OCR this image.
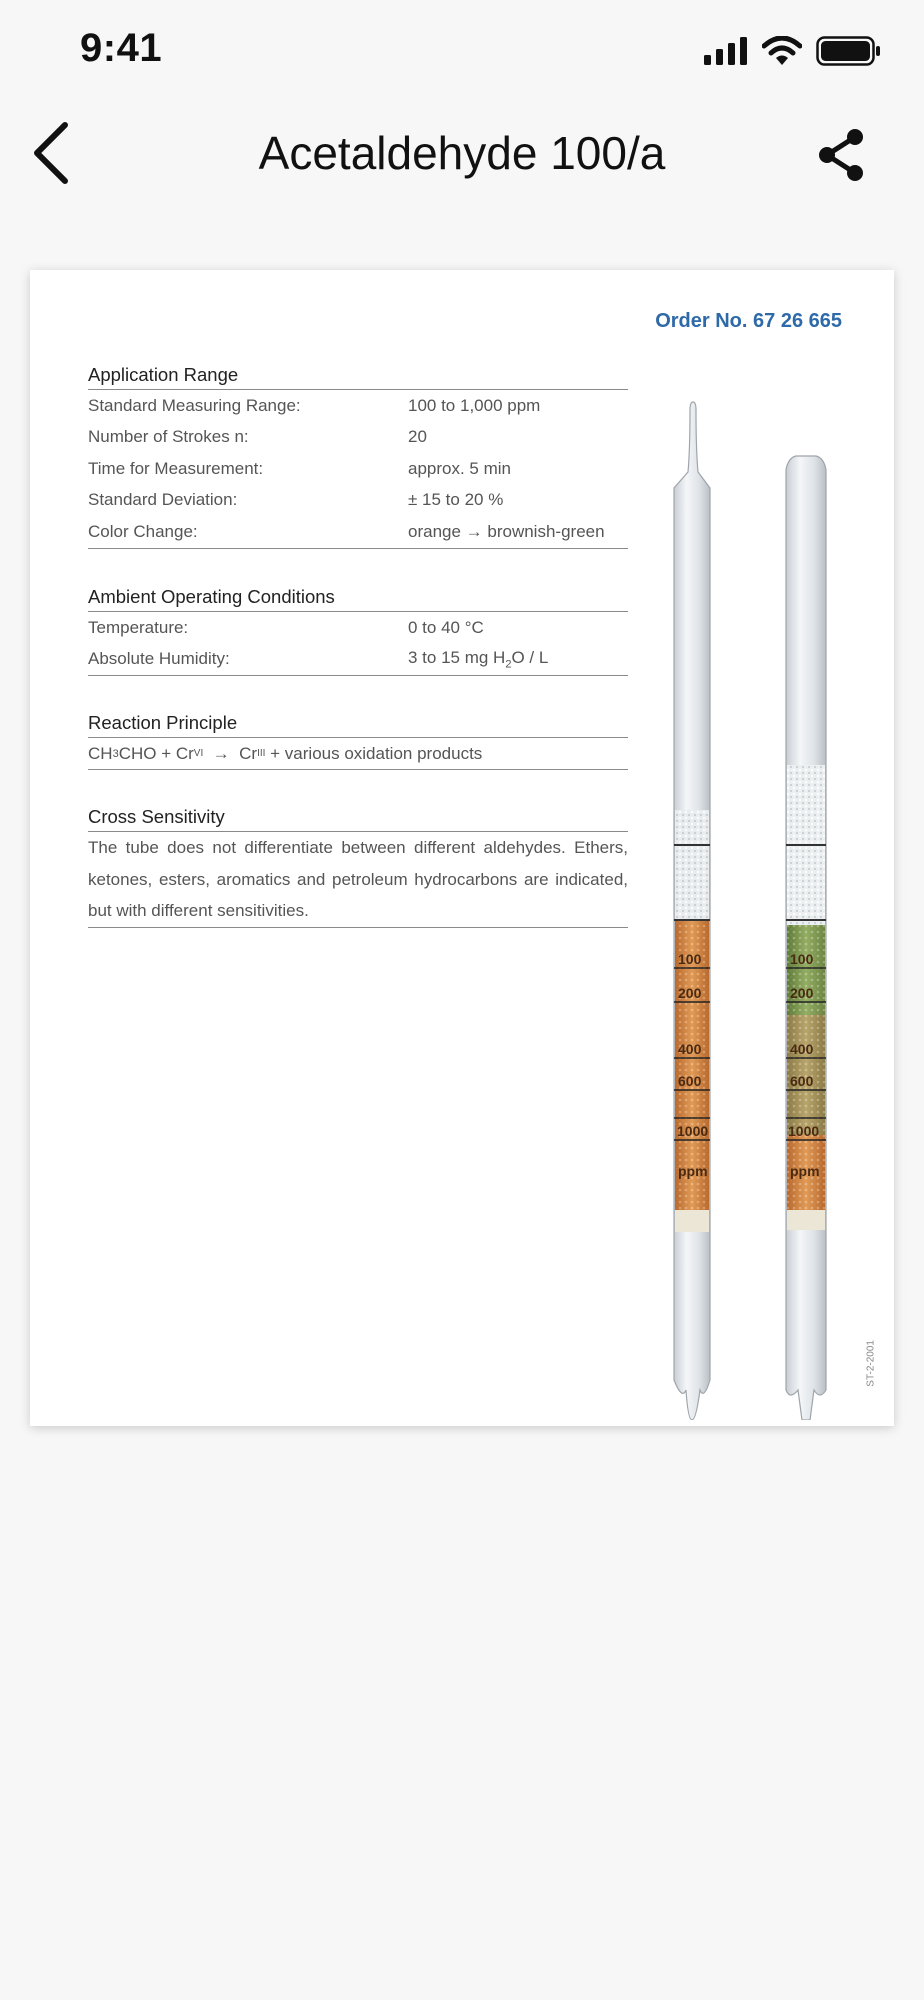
9:41
Acetaldehyde 100/a
Order No. 67 26 665
Application Range
Standard Measuring Range:	100 to 1,000 ppm
Number of Strokes n:	20
Time for Measurement:	approx. 5 min
Standard Deviation:	± 15 to 20 %
Color Change:	orange → brownish-green
Ambient Operating Conditions
Temperature:	0 to 40 °C
Absolute Humidity:	3 to 15 mg $H_2O$ / L
Reaction Principle
CH 3 CHO + Cr VI →  Cr III + various oxidation products
Cross Sensitivity
The tube does not differentiate between different aldehydes. Ethers, ketones, esters, aromatics and petroleum hydrocarbons are indicated, but with different sensitivities.
100
200
400
600
1000
ppm
100
200
400
600
1000
ppm
ST-2-2001
